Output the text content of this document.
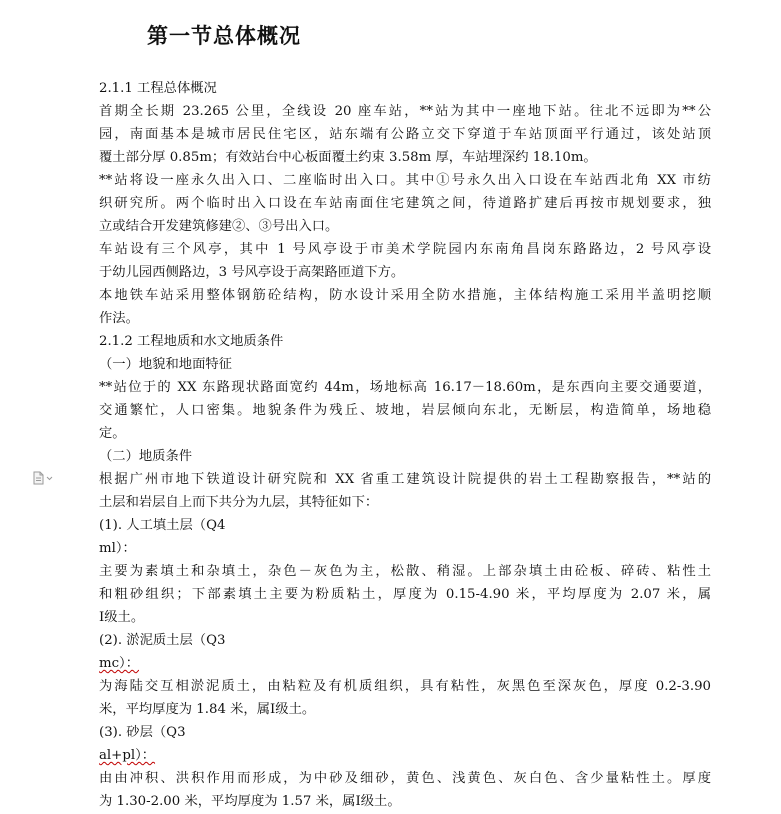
第一节总体概况
2.1.1 工程总体概况
首期全长期 23.265 公里，全线设 20 座车站，**站为其中一座地下站。往北不远即为**公
园，南面基本是城市居民住宅区，站东端有公路立交下穿道于车站顶面平行通过，该处站顶
覆土部分厚 0.85m；有效站台中心板面覆土约束 3.58m 厚，车站埋深约 18.10m。
**站将设一座永久出入口、二座临时出入口。其中①号永久出入口设在车站西北角 XX 市纺
织研究所。两个临时出入口设在车站南面住宅建筑之间，待道路扩建后再按市规划要求，独
立或结合开发建筑修建②、③号出入口。
车站设有三个风亭，其中 1 号风亭设于市美术学院园内东南角昌岗东路路边，2 号风亭设
于幼儿园西侧路边，3 号风亭设于高架路匝道下方。
本地铁车站采用整体钢筋砼结构，防水设计采用全防水措施，主体结构施工采用半盖明挖顺
作法。
2.1.2 工程地质和水文地质条件
（一）地貌和地面特征
**站位于的 XX 东路现状路面宽约 44m，场地标高 16.17－18.60m，是东西向主要交通要道，
交通繁忙，人口密集。地貌条件为残丘、坡地，岩层倾向东北，无断层，构造简单，场地稳
定。
（二）地质条件
根据广州市地下铁道设计研究院和 XX 省重工建筑设计院提供的岩土工程勘察报告，**站的
土层和岩层自上而下共分为九层，其特征如下：
(1). 人工填土层（Q4
ml）：
主要为素填土和杂填土，杂色－灰色为主，松散、稍湿。上部杂填土由砼板、碎砖、粘性土
和粗砂组织；下部素填土主要为粉质粘土，厚度为 0.15-4.90 米，平均厚度为 2.07 米，属
Ⅰ级土。
(2). 淤泥质土层（Q3
mc）：
为海陆交互相淤泥质土，由粘粒及有机质组织，具有粘性，灰黑色至深灰色，厚度 0.2-3.90
米，平均厚度为 1.84 米，属Ⅰ级土。
(3). 砂层（Q3
al+pl）：
由由冲积、洪积作用而形成，为中砂及细砂，黄色、浅黄色、灰白色、含少量粘性土。厚度
为 1.30-2.00 米，平均厚度为 1.57 米，属Ⅰ级土。
